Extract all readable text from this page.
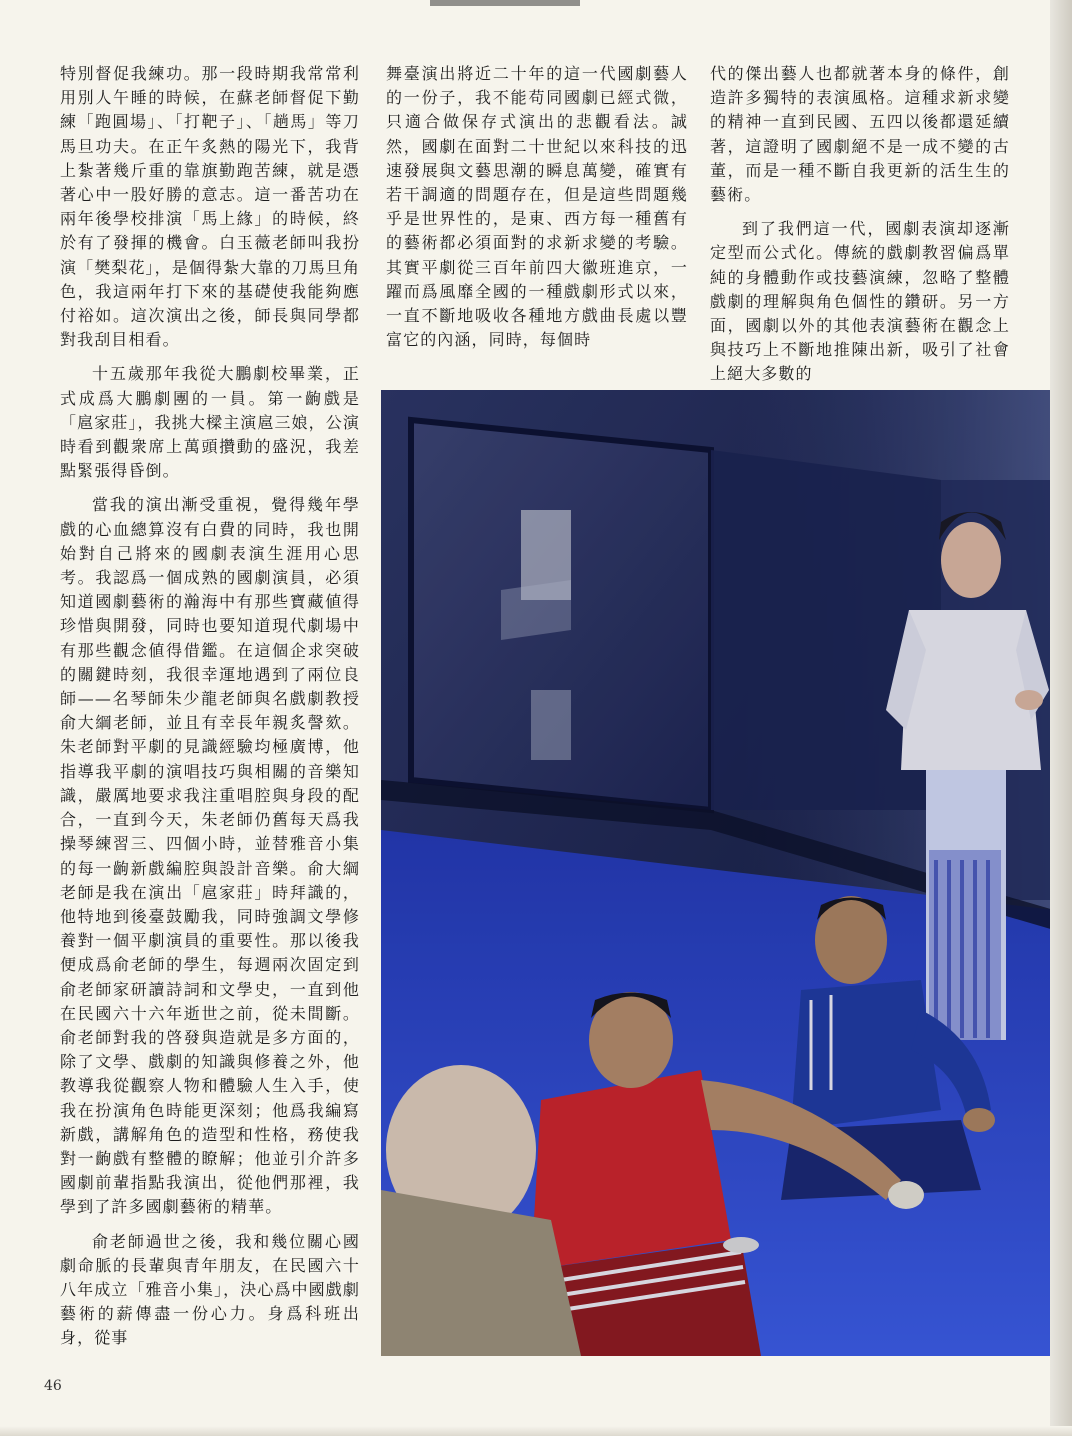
特別督促我練功。那一段時期我常常利用別人午睡的時候，在蘇老師督促下勤練「跑圓場」、「打靶子」、「趟馬」等刀馬旦功夫。在正午炙熱的陽光下，我背上紮著幾斤重的靠旗勤跑苦練，就是憑著心中一股好勝的意志。這一番苦功在兩年後學校排演「馬上緣」的時候，終於有了發揮的機會。白玉薇老師叫我扮演「樊梨花」，是個得紮大靠的刀馬旦角色，我這兩年打下來的基礎使我能夠應付裕如。這次演出之後，師長與同學都對我刮目相看。

十五歲那年我從大鵬劇校畢業，正式成爲大鵬劇團的一員。第一齣戲是「扈家莊」，我挑大樑主演扈三娘，公演時看到觀衆席上萬頭攢動的盛況，我差點緊張得昏倒。

當我的演出漸受重視，覺得幾年學戲的心血總算沒有白費的同時，我也開始對自己將來的國劇表演生涯用心思考。我認爲一個成熟的國劇演員，必須知道國劇藝術的瀚海中有那些寶藏値得珍惜與開發，同時也要知道現代劇場中有那些觀念値得借鑑。在這個企求突破的關鍵時刻，我很幸運地遇到了兩位良師——名琴師朱少龍老師與名戲劇教授俞大綱老師，並且有幸長年親炙謦欬。朱老師對平劇的見識經驗均極廣博，他指導我平劇的演唱技巧與相關的音樂知識，嚴厲地要求我注重唱腔與身段的配合，一直到今天，朱老師仍舊每天爲我操琴練習三、四個小時，並替雅音小集的每一齣新戲編腔與設計音樂。俞大綱老師是我在演出「扈家莊」時拜識的，他特地到後臺鼓勵我，同時強調文學修養對一個平劇演員的重要性。那以後我便成爲俞老師的學生，每週兩次固定到俞老師家研讀詩詞和文學史，一直到他在民國六十六年逝世之前，從未間斷。俞老師對我的啓發與造就是多方面的，除了文學、戲劇的知識與修養之外，他教導我從觀察人物和體驗人生入手，使我在扮演角色時能更深刻；他爲我編寫新戲，講解角色的造型和性格，務使我對一齣戲有整體的瞭解；他並引介許多國劇前輩指點我演出，從他們那裡，我學到了許多國劇藝術的精華。

俞老師過世之後，我和幾位關心國劇命脈的長輩與青年朋友，在民國六十八年成立「雅音小集」，決心爲中國戲劇藝術的薪傳盡一份心力。身爲科班出身，從事

舞臺演出將近二十年的這一代國劇藝人的一份子，我不能苟同國劇已經式微，只適合做保存式演出的悲觀看法。誠然，國劇在面對二十世紀以來科技的迅速發展與文藝思潮的瞬息萬變，確實有若干調適的問題存在，但是這些問題幾乎是世界性的，是東、西方每一種舊有的藝術都必須面對的求新求變的考驗。其實平劇從三百年前四大徽班進京，一躍而爲風靡全國的一種戲劇形式以來，一直不斷地吸收各種地方戲曲長處以豐富它的內涵，同時，每個時

代的傑出藝人也都就著本身的條件，創造許多獨特的表演風格。這種求新求變的精神一直到民國、五四以後都還延續著，這證明了國劇絕不是一成不變的古董，而是一種不斷自我更新的活生生的藝術。

到了我們這一代，國劇表演却逐漸定型而公式化。傳統的戲劇教習偏爲單純的身體動作或技藝演練，忽略了整體戲劇的理解與角色個性的鑽研。另一方面，國劇以外的其他表演藝術在觀念上與技巧上不斷地推陳出新，吸引了社會上絕大多數的

46
